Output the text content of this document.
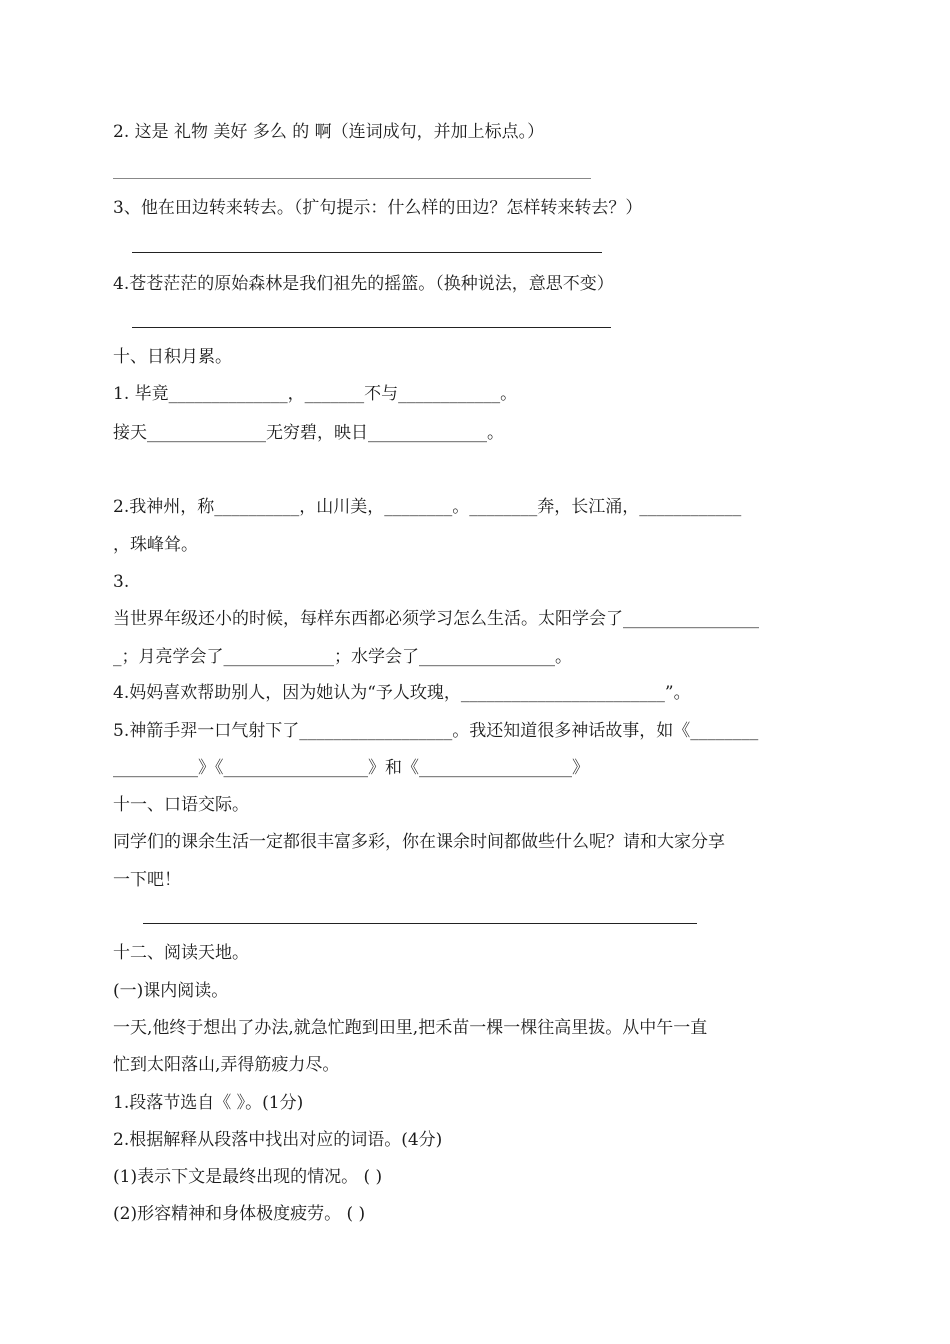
2. 这是 礼物 美好 多么 的 啊（连词成句，并加上标点。）
3、他在田边转来转去。（扩句提示：什么样的田边？怎样转来转去？）
4.苍苍茫茫的原始森林是我们祖先的摇篮。（换种说法，意思不变）
十、日积月累。
1. 毕竟______________，_______不与____________。
接天______________无穷碧，映日______________。
2.我神州，称__________，山川美，________。________奔，长江涌，____________
，珠峰耸。
3.
当世界年级还小的时候，每样东西都必须学习怎么生活。太阳学会了________________
_；月亮学会了_____________；水学会了________________。
4.妈妈喜欢帮助别人，因为她认为“予人玫瑰，________________________”。
5.神箭手羿一口气射下了__________________。我还知道很多神话故事，如《________
__________》《_________________》和《__________________》
十一、口语交际。
同学们的课余生活一定都很丰富多彩，你在课余时间都做些什么呢？请和大家分享
一下吧！
十二、阅读天地。
(一)课内阅读。
一天,他终于想出了办法,就急忙跑到田里,把禾苗一棵一棵往高里拔。从中午一直
忙到太阳落山,弄得筋疲力尽。
1.段落节选自《 》。(1分)
2.根据解释从段落中找出对应的词语。(4分)
(1)表示下文是最终出现的情况。 ( )
(2)形容精神和身体极度疲劳。 ( )
